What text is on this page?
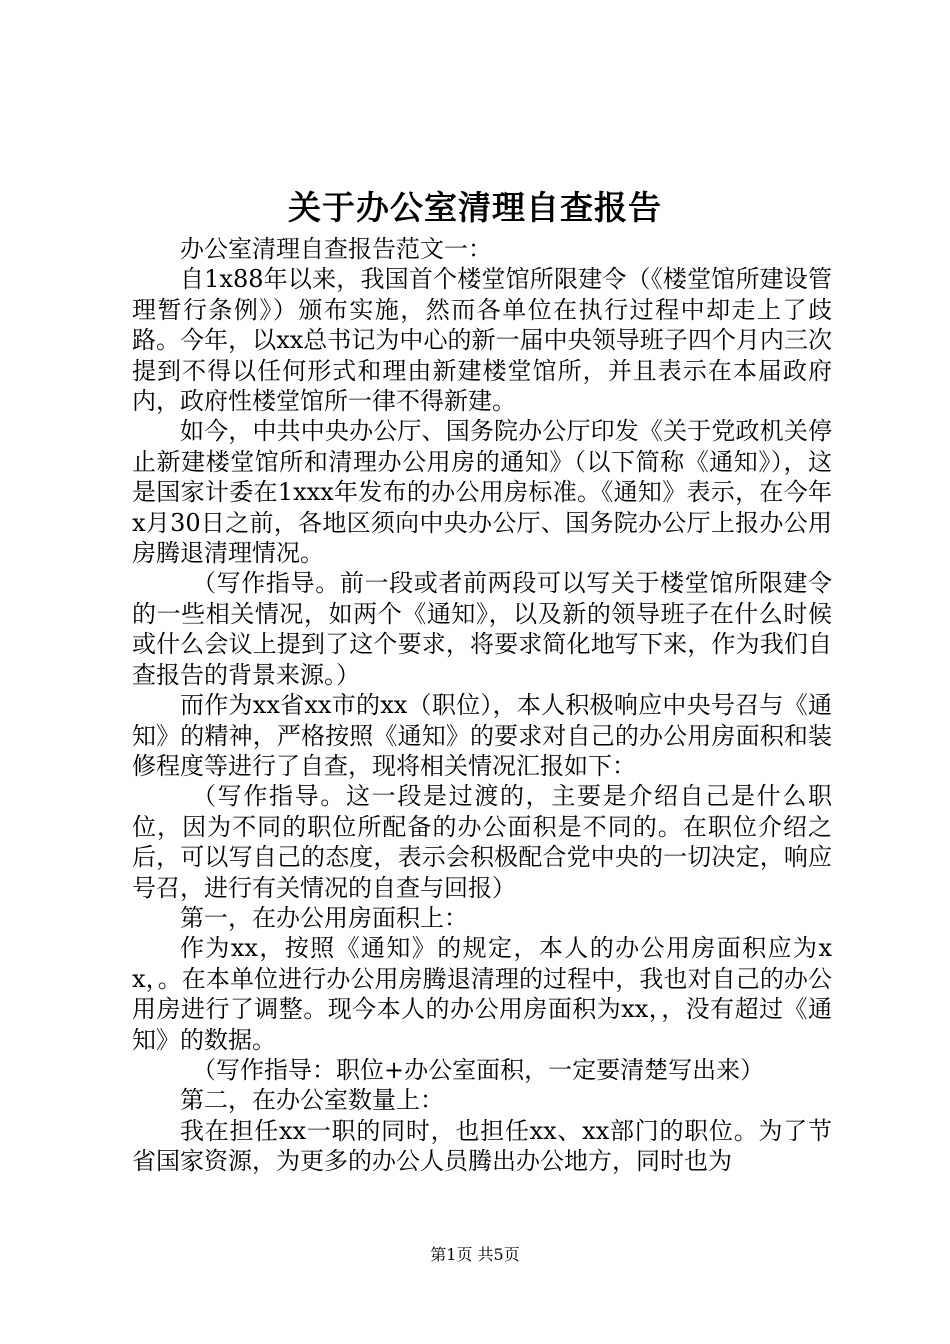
关于办公室清理自查报告

办公室清理自查报告范文一：

自1x88年以来，我国首个楼堂馆所限建令（《楼堂馆所建设管理暂行条例》）颁布实施，然而各单位在执行过程中却走上了歧路。今年，以xx总书记为中心的新一届中央领导班子四个月内三次提到不得以任何形式和理由新建楼堂馆所，并且表示在本届政府内，政府性楼堂馆所一律不得新建。

如今，中共中央办公厅、国务院办公厅印发《关于党政机关停止新建楼堂馆所和清理办公用房的通知》（以下简称《通知》），这是国家计委在1xxx年发布的办公用房标准。《通知》表示，在今年x月30日之前，各地区须向中央办公厅、国务院办公厅上报办公用房腾退清理情况。

（写作指导。前一段或者前两段可以写关于楼堂馆所限建令的一些相关情况，如两个《通知》，以及新的领导班子在什么时候或什么会议上提到了这个要求，将要求简化地写下来，作为我们自查报告的背景来源。）

而作为xx省xx市的xx（职位），本人积极响应中央号召与《通知》的精神，严格按照《通知》的要求对自己的办公用房面积和装修程度等进行了自查，现将相关情况汇报如下：

（写作指导。这一段是过渡的，主要是介绍自己是什么职位，因为不同的职位所配备的办公面积是不同的。在职位介绍之后，可以写自己的态度，表示会积极配合党中央的一切决定，响应号召，进行有关情况的自查与回报）

第一，在办公用房面积上：

作为xx，按照《通知》的规定，本人的办公用房面积应为xx，。在本单位进行办公用房腾退清理的过程中，我也对自己的办公用房进行了调整。现今本人的办公用房面积为xx，，没有超过《通知》的数据。

（写作指导：职位+办公室面积，一定要清楚写出来）

第二，在办公室数量上：

我在担任xx一职的同时，也担任xx、xx部门的职位。为了节省国家资源，为更多的办公人员腾出办公地方，同时也为

第1页 共5页
